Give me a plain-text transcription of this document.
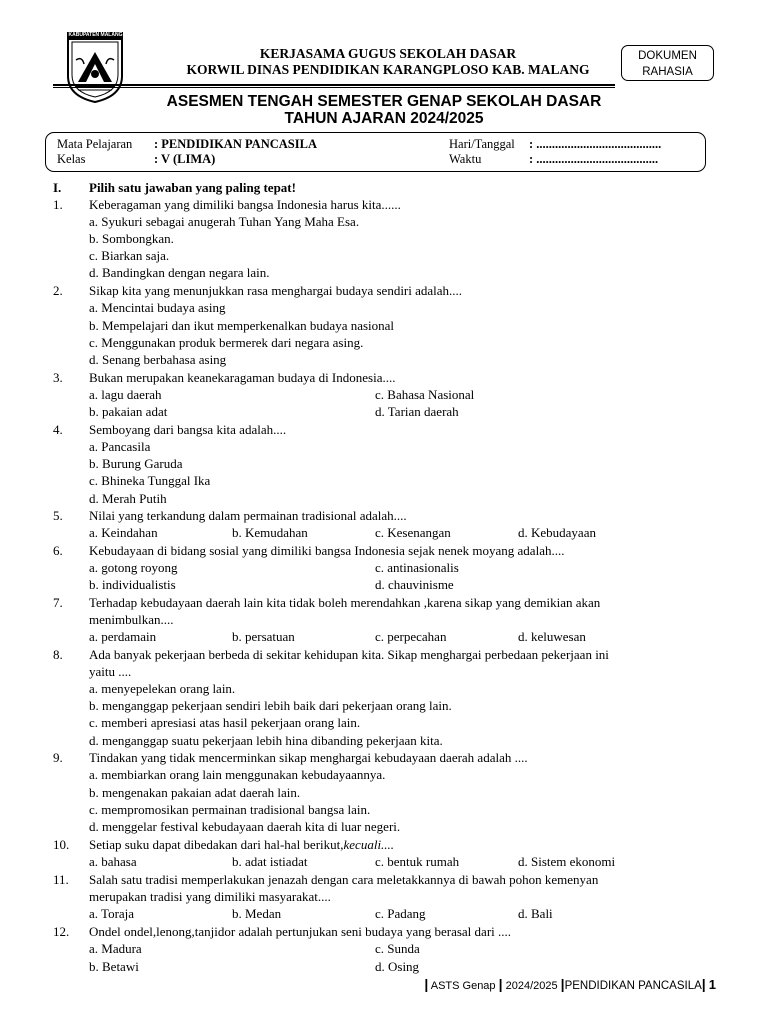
KABUPATEN MALANG
KERJASAMA GUGUS SEKOLAH DASAR
KORWIL DINAS PENDIDIKAN KARANGPLOSO KAB. MALANG
DOKUMEN
RAHASIA
ASESMEN TENGAH SEMESTER GENAP SEKOLAH DASAR
TAHUN AJARAN 2024/2025
Mata Pelajaran : PENDIDIKAN PANCASILA
Kelas	: V (LIMA)
Hari/Tanggal : ........................................
Waktu	: .......................................
I. Pilih satu jawaban yang paling tepat!
1. Keberagaman yang dimiliki bangsa Indonesia harus kita......
a. Syukuri sebagai anugerah Tuhan Yang Maha Esa.
b. Sombongkan.
c. Biarkan saja.
d. Bandingkan dengan negara lain.
2. Sikap kita yang menunjukkan rasa menghargai budaya sendiri adalah....
a. Mencintai budaya asing
b. Mempelajari dan ikut memperkenalkan budaya nasional
c. Menggunakan produk bermerek dari negara asing.
d. Senang berbahasa asing
3. Bukan merupakan keanekaragaman budaya di Indonesia....
a. lagu daerah	c. Bahasa Nasional
b. pakaian adat	d. Tarian daerah
4. Semboyang dari bangsa kita adalah....
a. Pancasila
b. Burung Garuda
c. Bhineka Tunggal Ika
d. Merah Putih
5. Nilai yang terkandung dalam permainan tradisional adalah....
a. Keindahan	b. Kemudahan	c. Kesenangan	d. Kebudayaan
6. Kebudayaan di bidang sosial yang dimiliki bangsa Indonesia sejak nenek moyang adalah....
a. gotong royong	c. antinasionalis
b. individualistis	d. chauvinisme
7. Terhadap kebudayaan daerah lain kita tidak boleh merendahkan ,karena sikap yang demikian akan
menimbulkan....
a. perdamain	b. persatuan	c. perpecahan	d. keluwesan
8. Ada banyak pekerjaan berbeda di sekitar kehidupan kita. Sikap menghargai perbedaan pekerjaan ini
yaitu ....
a. menyepelekan orang lain.
b. menganggap pekerjaan sendiri lebih baik dari pekerjaan orang lain.
c. memberi apresiasi atas hasil pekerjaan orang lain.
d. menganggap suatu pekerjaan lebih hina dibanding pekerjaan kita.
9. Tindakan yang tidak mencerminkan sikap menghargai kebudayaan daerah adalah ....
a. membiarkan orang lain menggunakan kebudayaannya.
b. mengenakan pakaian adat daerah lain.
c. mempromosikan permainan tradisional bangsa lain.
d. menggelar festival kebudayaan daerah kita di luar negeri.
10. Setiap suku dapat dibedakan dari hal-hal berikut,kecuali....
a. bahasa	b. adat istiadat	c. bentuk rumah	d. Sistem ekonomi
11. Salah satu tradisi memperlakukan jenazah dengan cara meletakkannya di bawah pohon kemenyan
merupakan tradisi yang dimiliki masyarakat....
a. Toraja	b. Medan	c. Padang	d. Bali
12. Ondel ondel,lenong,tanjidor adalah pertunjukan seni budaya yang berasal dari ....
a. Madura	c. Sunda
b. Betawi	d. Osing
| ASTS Genap | 2024/2025 |PENDIDIKAN PANCASILA| 1
